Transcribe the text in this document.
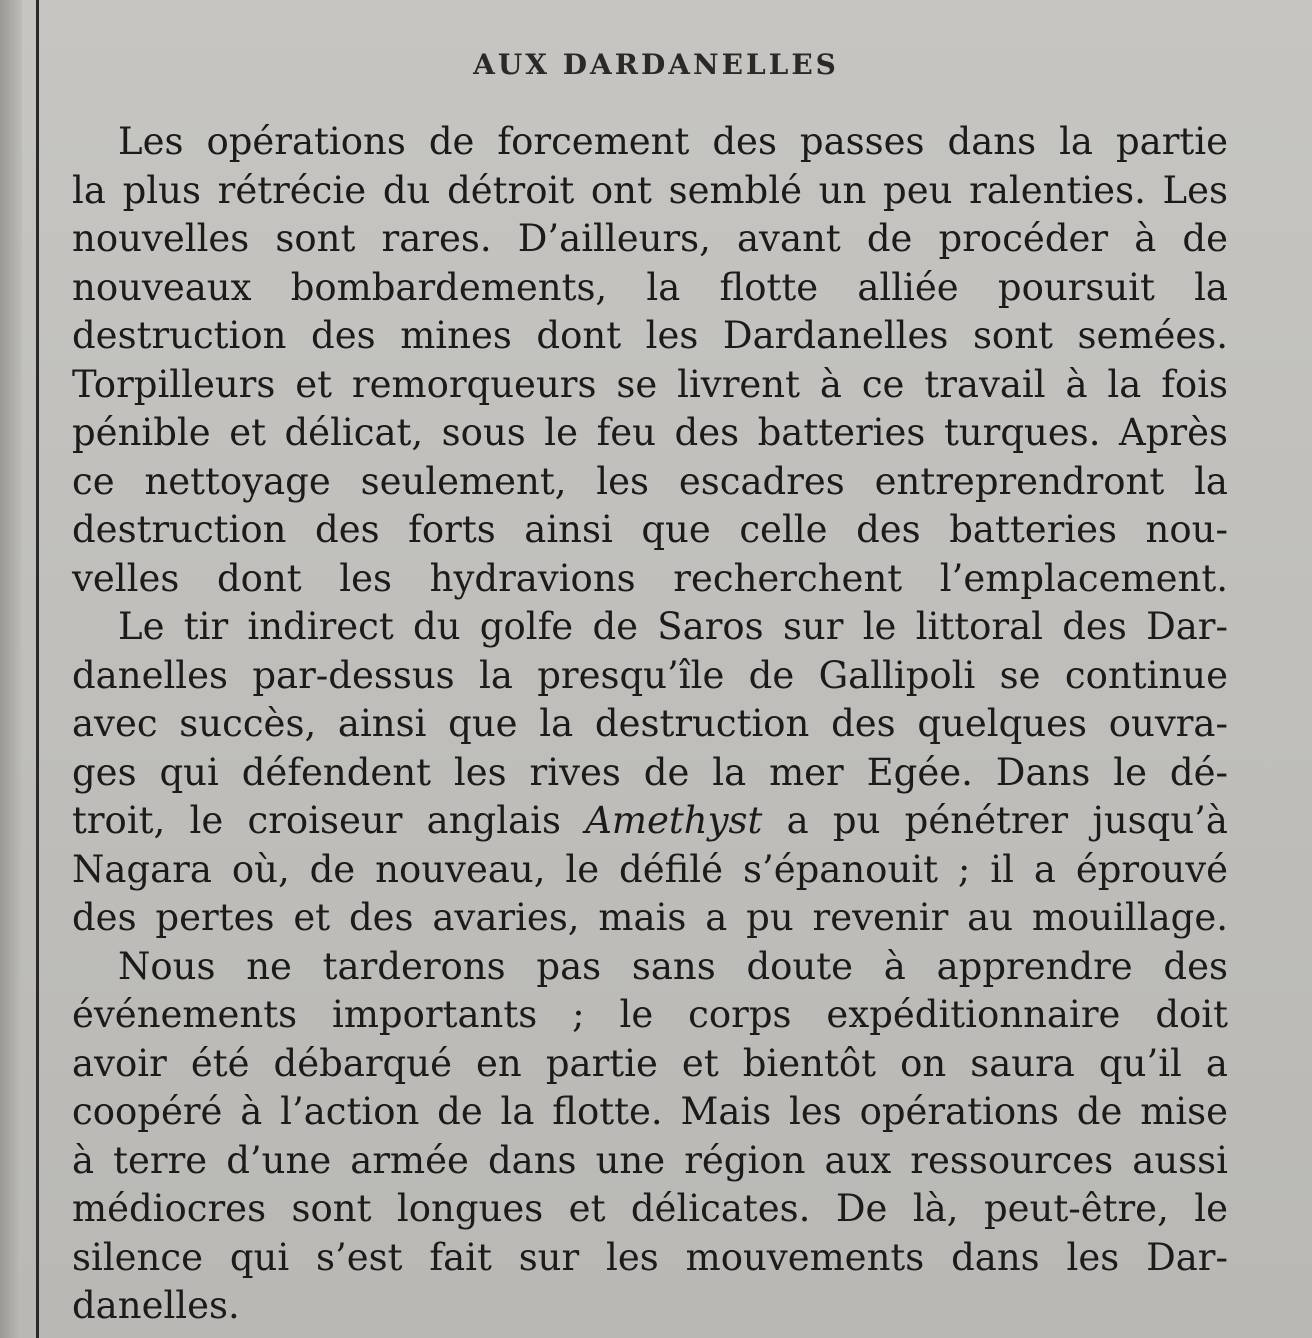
AUX DARDANELLES
Les opérations de forcement des passes dans la partie
la plus rétrécie du détroit ont semblé un peu ralenties. Les
nouvelles sont rares. D’ailleurs, avant de procéder à de
nouveaux bombardements, la flotte alliée poursuit la
destruction des mines dont les Dardanelles sont semées.
Torpilleurs et remorqueurs se livrent à ce travail à la fois
pénible et délicat, sous le feu des batteries turques. Après
ce nettoyage seulement, les escadres entreprendront la
destruction des forts ainsi que celle des batteries nou-
velles dont les hydravions recherchent l’emplacement.
Le tir indirect du golfe de Saros sur le littoral des Dar-
danelles par-dessus la presqu’île de Gallipoli se continue
avec succès, ainsi que la destruction des quelques ouvra-
ges qui défendent les rives de la mer Egée. Dans le dé-
troit, le croiseur anglais Amethyst a pu pénétrer jusqu’à
Nagara où, de nouveau, le défilé s’épanouit ; il a éprouvé
des pertes et des avaries, mais a pu revenir au mouillage.
Nous ne tarderons pas sans doute à apprendre des
événements importants ; le corps expéditionnaire doit
avoir été débarqué en partie et bientôt on saura qu’il a
coopéré à l’action de la flotte. Mais les opérations de mise
à terre d’une armée dans une région aux ressources aussi
médiocres sont longues et délicates. De là, peut-être, le
silence qui s’est fait sur les mouvements dans les Dar-
danelles.
